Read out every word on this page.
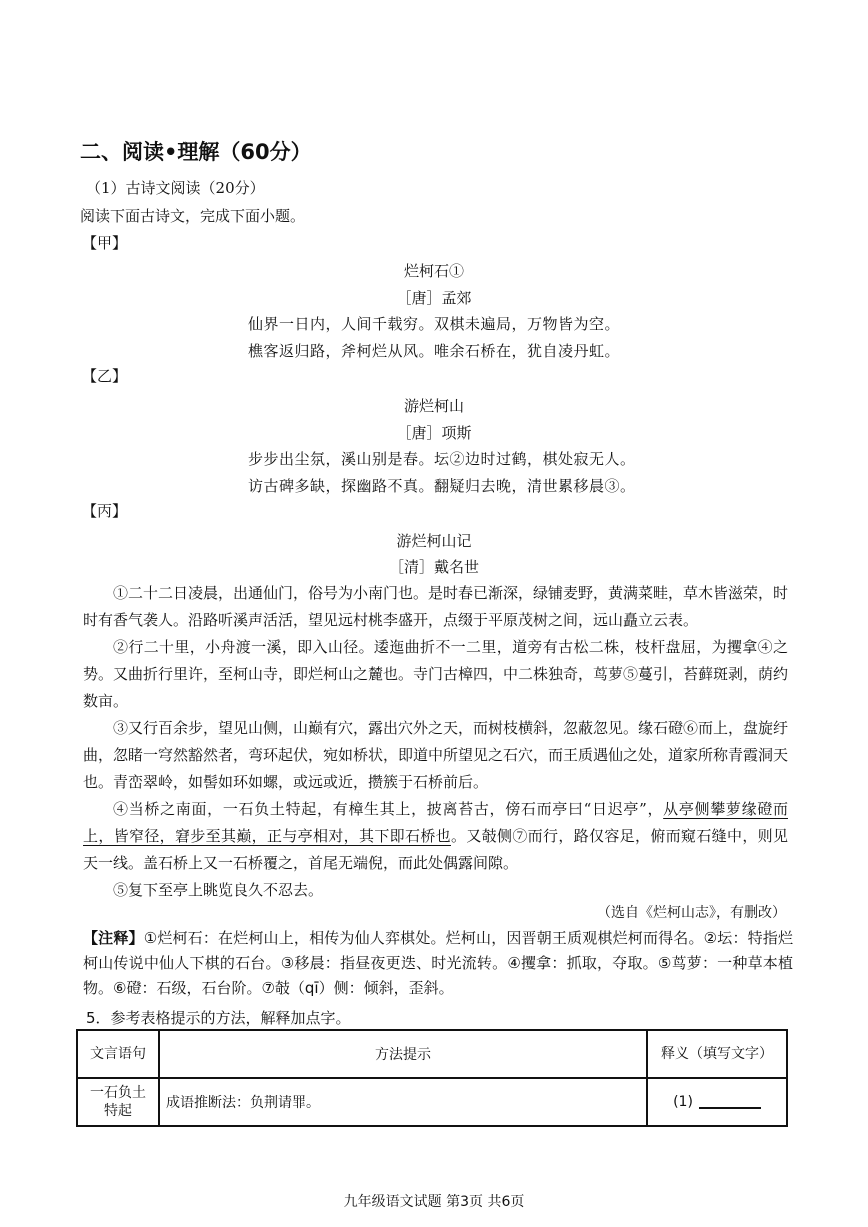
二、阅读•理解（60分）
（1）古诗文阅读（20分）
阅读下面古诗文，完成下面小题。
【甲】
烂柯石①
［唐］孟郊
仙界一日内，人间千载穷。双棋未遍局，万物皆为空。
樵客返归路，斧柯烂从风。唯余石桥在，犹自凌丹虹。
【乙】
游烂柯山
［唐］项斯
步步出尘氛，溪山别是春。坛②边时过鹤，棋处寂无人。
访古碑多缺，探幽路不真。翻疑归去晚，清世累移晨③。
【丙】
游烂柯山记
［清］戴名世

①二十二日凌晨，出通仙门，俗号为小南门也。是时春已渐深，绿铺麦野，黄满菜畦，草木皆滋荣，时时有香气袭人。沿路听溪声活活，望见远村桃李盛开，点缀于平原茂树之间，远山矗立云表。

②行二十里，小舟渡一溪，即入山径。逶迤曲折不一二里，道旁有古松二株，枝杆盘屈，为攫拿④之势。又曲折行里许，至柯山寺，即烂柯山之麓也。寺门古樟四，中二株独奇，茑萝⑤蔓引，苔藓斑剥，荫约数亩。

③又行百余步，望见山侧，山巅有穴，露出穴外之天，而树枝横斜，忽蔽忽见。缘石磴⑥而上，盘旋纡曲，忽睹一穹然豁然者，弯环起伏，宛如桥状，即道中所望见之石穴，而王质遇仙之处，道家所称青霞洞天也。青峦翠岭，如髻如环如螺，或远或近，攒簇于石桥前后。

④当桥之南面，一石负土特起，有樟生其上，披离苔古，傍石而亭曰“日迟亭”，从亭侧攀萝缘磴而上，皆窄径，窘步至其巅，正与亭相对，其下即石桥也。又攲侧⑦而行，路仅容足，俯而窥石缝中，则见天一线。盖石桥上又一石桥覆之，首尾无端倪，而此处偶露间隙。

⑤复下至亭上眺览良久不忍去。

（选自《烂柯山志》，有删改）
【注释】①烂柯石：在烂柯山上，相传为仙人弈棋处。烂柯山，因晋朝王质观棋烂柯而得名。②坛：特指烂柯山传说中仙人下棋的石台。③移晨：指昼夜更迭、时光流转。④攫拿：抓取，夺取。⑤茑萝：一种草本植物。⑥磴：石级，石台阶。⑦攲（qī）侧：倾斜，歪斜。
5．参考表格提示的方法，解释加点字。
文言语句	方法提示	释义（填写文字）
一石负土特起	成语推断法：负荆请罪。	(1)
九年级语文试题 第3页 共6页
